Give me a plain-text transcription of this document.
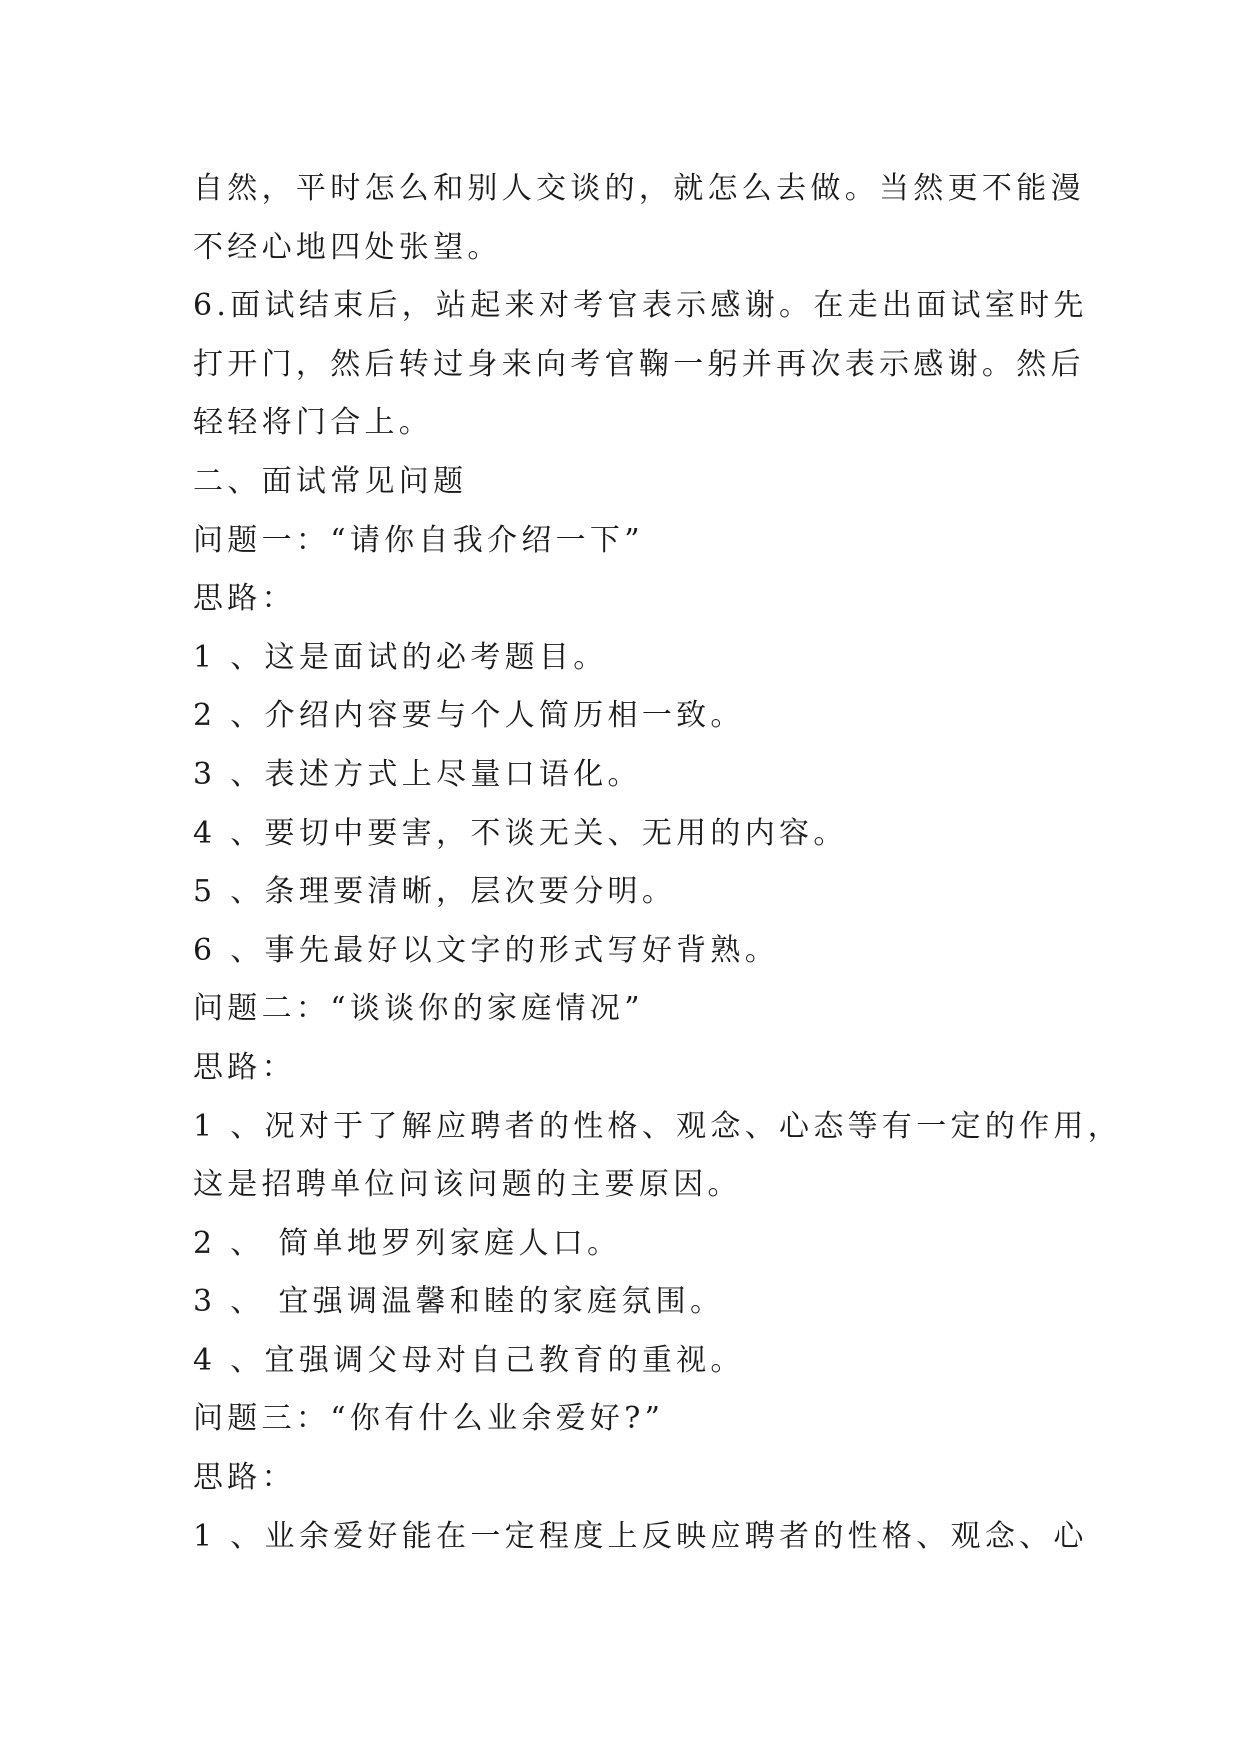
自然，平时怎么和别人交谈的，就怎么去做。当然更不能漫
不经心地四处张望。
6.面试结束后，站起来对考官表示感谢。在走出面试室时先
打开门，然后转过身来向考官鞠一躬并再次表示感谢。然后
轻轻将门合上。
二、面试常见问题
问题一：“请你自我介绍一下”
思路：
1 、这是面试的必考题目。
2 、介绍内容要与个人简历相一致。
3 、表述方式上尽量口语化。
4 、要切中要害，不谈无关、无用的内容。
5 、条理要清晰，层次要分明。
6 、事先最好以文字的形式写好背熟。
问题二：“谈谈你的家庭情况”
思路：
1 、况对于了解应聘者的性格、观念、心态等有一定的作用，
这是招聘单位问该问题的主要原因。
2 、 简单地罗列家庭人口。
3 、 宜强调温馨和睦的家庭氛围。
4 、宜强调父母对自己教育的重视。
问题三：“你有什么业余爱好?”
思路：
1 、业余爱好能在一定程度上反映应聘者的性格、观念、心
